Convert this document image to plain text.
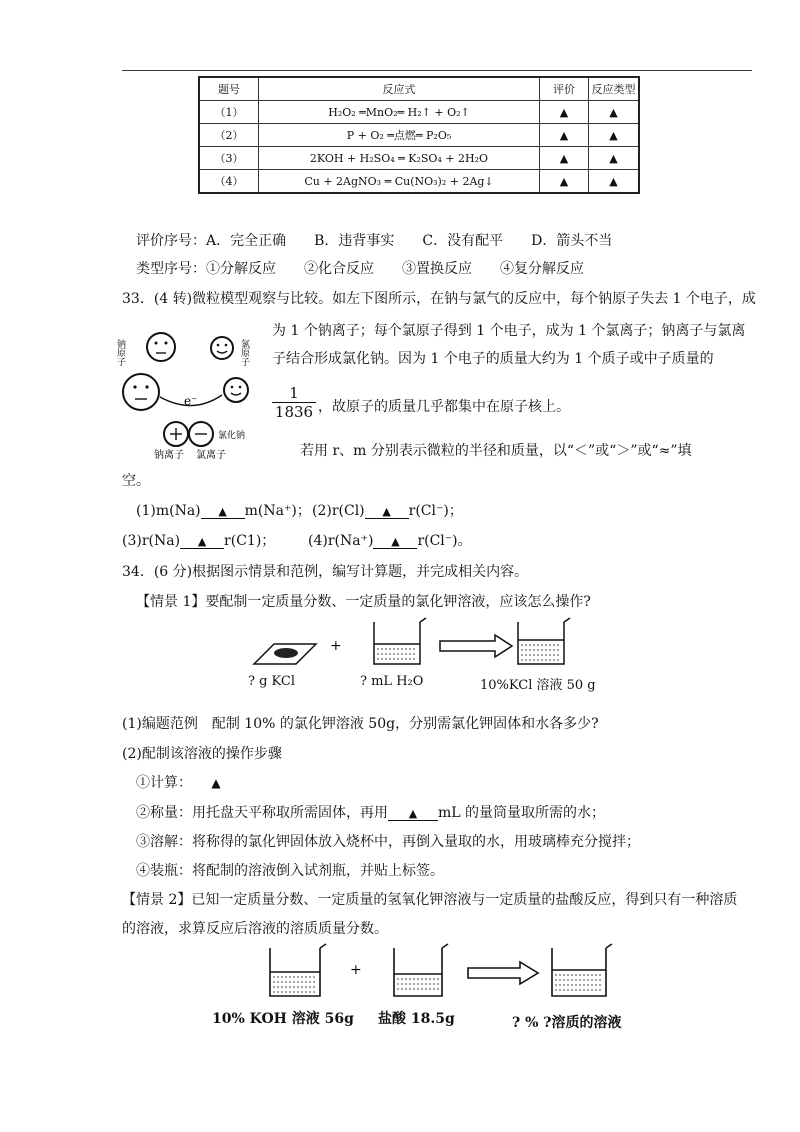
题号	反应式	评价	反应类型
（1）	H₂O₂ ═MnO₂═ H₂↑ + O₂↑	▲	▲
（2）	P + O₂ ═点燃═ P₂O₅	▲	▲
（3）	2KOH + H₂SO₄ ═ K₂SO₄ + 2H₂O	▲	▲
（4）	Cu + 2AgNO₃ ═ Cu(NO₃)₂ + 2Ag↓	▲	▲
评价序号：A．完全正确　　B．违背事实　　C．没有配平　　D．箭头不当
类型序号：①分解反应　　②化合反应　　③置换反应　　④复分解反应
33．(4 转)微粒模型观察与比较。如左下图所示，在钠与氯气的反应中，每个钠原子失去 1 个电子，成
为 1 个钠离子；每个氯原子得到 1 个电子，成为 1 个氯离子；钠离子与氯离
子结合形成氯化钠。因为 1 个电子的质量大约为 1 个质子或中子质量的
$\frac{1}{1836}$ ，故原子的质量几乎都集中在原子核上。
若用 r、m 分别表示微粒的半径和质量，以“＜”或“＞”或“≈”填
空。
钠原子	氯原子
e⁻
氯化钠
钠离子 氯离子
(1)m(Na) ▲ m(Na⁺)； (2)r(Cl) ▲ r(Cl⁻)；
(3)r(Na) ▲ r(C1)； (4)r(Na⁺) ▲ r(Cl⁻)。
34．(6 分)根据图示情景和范例，编写计算题，并完成相关内容。
【情景 1】要配制一定质量分数、一定质量的氯化钾溶液，应该怎么操作?
+
? g KCl	? mL H₂O	10%KCl 溶液 50 g
(1)编题范例　配制 10% 的氯化钾溶液 50g，分别需氯化钾固体和水各多少?
(2)配制该溶液的操作步骤
①计算： ▲
②称量：用托盘天平称取所需固体，再用 ▲ mL 的量筒量取所需的水；
③溶解：将称得的氯化钾固体放入烧杯中，再倒入量取的水，用玻璃棒充分搅拌；
④装瓶：将配制的溶液倒入试剂瓶，并贴上标签。
【情景 2】已知一定质量分数、一定质量的氢氧化钾溶液与一定质量的盐酸反应，得到只有一种溶质
的溶液，求算反应后溶液的溶质质量分数。
+
10% KOH 溶液 56g 盐酸 18.5g	? % ?溶质的溶液
